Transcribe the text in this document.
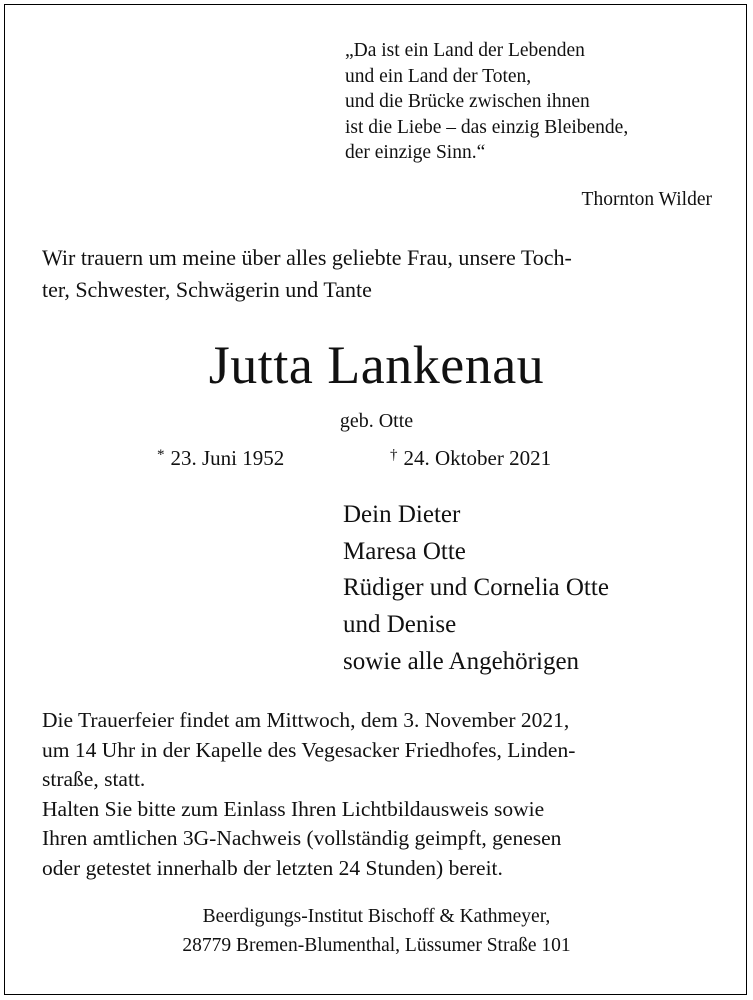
„Da ist ein Land der Lebenden
und ein Land der Toten,
und die Brücke zwischen ihnen
ist die Liebe – das einzig Bleibende,
der einzige Sinn.“
Thornton Wilder
Wir trauern um meine über alles geliebte Frau, unsere Toch-
ter, Schwester, Schwägerin und Tante
Jutta Lankenau
geb. Otte
* 23. Juni 1952	† 24. Oktober 2021
Dein Dieter
Maresa Otte
Rüdiger und Cornelia Otte
und Denise
sowie alle Angehörigen
Die Trauerfeier findet am Mittwoch, dem 3. November 2021,
um 14 Uhr in der Kapelle des Vegesacker Friedhofes, Linden-
straße, statt.
Halten Sie bitte zum Einlass Ihren Lichtbildausweis sowie
Ihren amtlichen 3G-Nachweis (vollständig geimpft, genesen
oder getestet innerhalb der letzten 24 Stunden) bereit.
Beerdigungs-Institut Bischoff & Kathmeyer,
28779 Bremen-Blumenthal, Lüssumer Straße 101
